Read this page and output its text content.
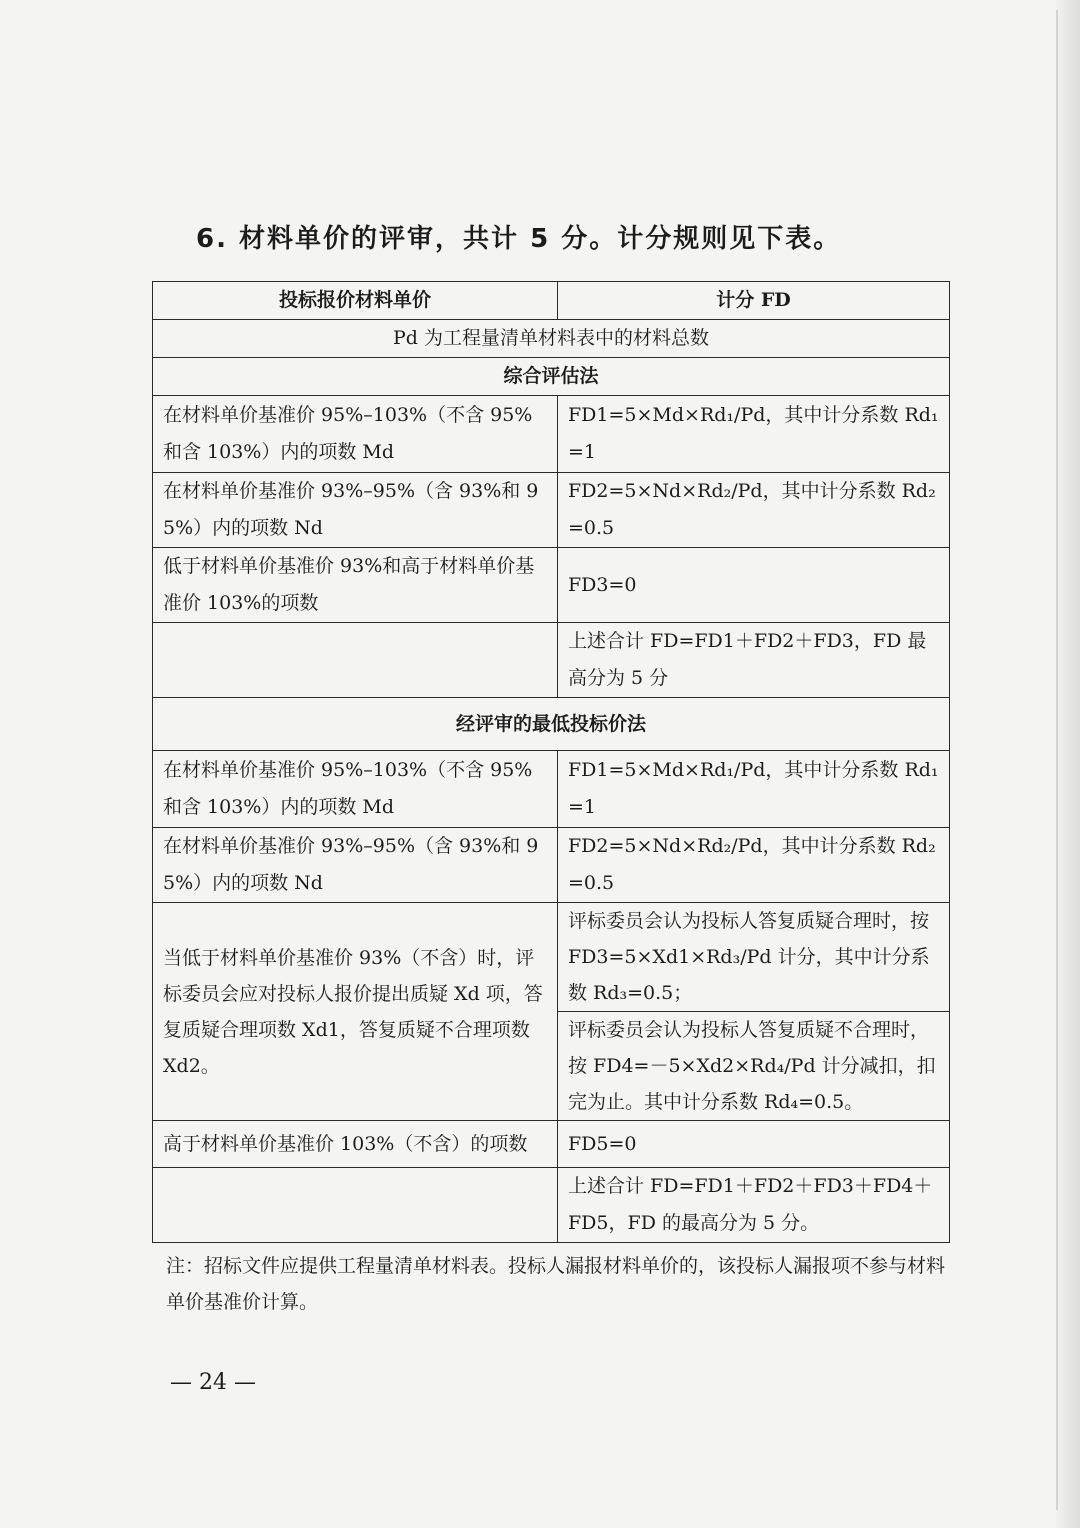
6. 材料单价的评审，共计 5 分。计分规则见下表。
投标报价材料单价	计分 FD
Pd 为工程量清单材料表中的材料总数	
综合评估法	
在材料单价基准价 95%–103%（不含 95%和含 103%）内的项数 Md	FD1=5×Md×Rd₁/Pd，其中计分系数 Rd₁=1
在材料单价基准价 93%–95%（含 93%和 95%）内的项数 Nd	FD2=5×Nd×Rd₂/Pd，其中计分系数 Rd₂=0.5
低于材料单价基准价 93%和高于材料单价基准价 103%的项数	FD3=0
	上述合计 FD=FD1＋FD2＋FD3，FD 最高分为 5 分
经评审的最低投标价法	
在材料单价基准价 95%–103%（不含 95%和含 103%）内的项数 Md	FD1=5×Md×Rd₁/Pd，其中计分系数 Rd₁=1
在材料单价基准价 93%–95%（含 93%和 95%）内的项数 Nd	FD2=5×Nd×Rd₂/Pd，其中计分系数 Rd₂=0.5
当低于材料单价基准价 93%（不含）时，评标委员会应对投标人报价提出质疑 Xd 项，答复质疑合理项数 Xd1，答复质疑不合理项数 Xd2。	评标委员会认为投标人答复质疑合理时，按 FD3=5×Xd1×Rd₃/Pd 计分，其中计分系数 Rd₃=0.5；
	评标委员会认为投标人答复质疑不合理时，按 FD4=－5×Xd2×Rd₄/Pd 计分减扣，扣完为止。其中计分系数 Rd₄=0.5。
高于材料单价基准价 103%（不含）的项数	FD5=0
	上述合计 FD=FD1＋FD2＋FD3＋FD4＋FD5，FD 的最高分为 5 分。
注：招标文件应提供工程量清单材料表。投标人漏报材料单价的，该投标人漏报项不参与材料单价基准价计算。
— 24 —
